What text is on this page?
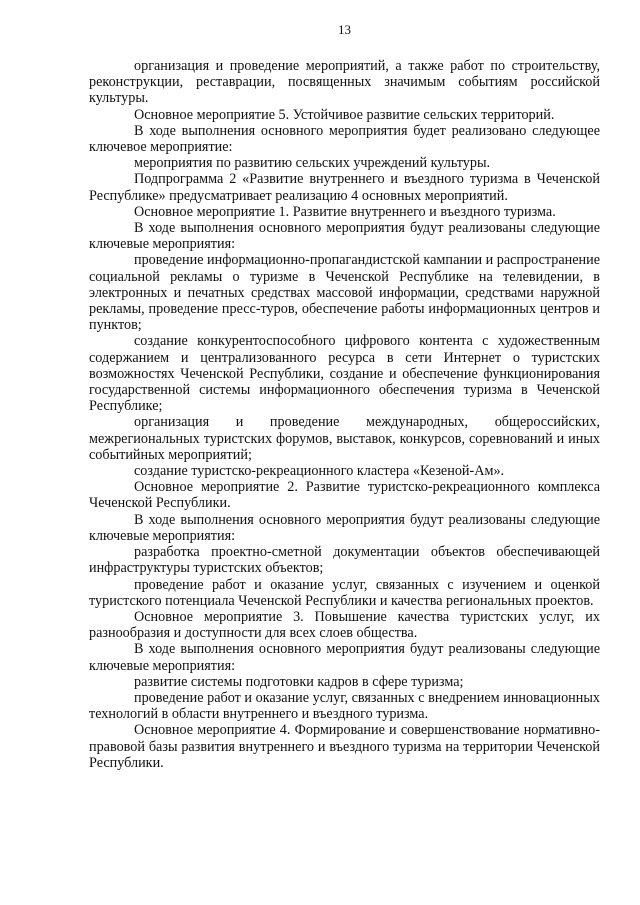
13

организация и проведение мероприятий, а также работ по строительству, реконструкции, реставрации, посвященных значимым событиям российской культуры.

Основное мероприятие 5. Устойчивое развитие сельских территорий.

В ходе выполнения основного мероприятия будет реализовано следующее ключевое мероприятие:

мероприятия по развитию сельских учреждений культуры.

Подпрограмма 2 «Развитие внутреннего и въездного туризма в Чеченской Республике» предусматривает реализацию 4 основных мероприятий.

Основное мероприятие 1. Развитие внутреннего и въездного туризма.

В ходе выполнения основного мероприятия будут реализованы следующие ключевые мероприятия:

проведение информационно-пропагандистской кампании и распространение социальной рекламы о туризме в Чеченской Республике на телевидении, в электронных и печатных средствах массовой информации, средствами наружной рекламы, проведение пресс-туров, обеспечение работы информационных центров и пунктов;

создание конкурентоспособного цифрового контента с художественным содержанием и централизованного ресурса в сети Интернет о туристских возможностях Чеченской Республики, создание и обеспечение функционирования государственной системы информационного обеспечения туризма в Чеченской Республике;

организация и проведение международных, общероссийских, межрегиональных туристских форумов, выставок, конкурсов, соревнований и иных событийных мероприятий;

создание туристско-рекреационного кластера «Кезеной-Ам».

Основное мероприятие 2. Развитие туристско-рекреационного комплекса Чеченской Республики.

В ходе выполнения основного мероприятия будут реализованы следующие ключевые мероприятия:

разработка проектно-сметной документации объектов обеспечивающей инфраструктуры туристских объектов;

проведение работ и оказание услуг, связанных с изучением и оценкой туристского потенциала Чеченской Республики и качества региональных проектов.

Основное мероприятие 3. Повышение качества туристских услуг, их разнообразия и доступности для всех слоев общества.

В ходе выполнения основного мероприятия будут реализованы следующие ключевые мероприятия:

развитие системы подготовки кадров в сфере туризма;

проведение работ и оказание услуг, связанных с внедрением инновационных технологий в области внутреннего и въездного туризма.

Основное мероприятие 4. Формирование и совершенствование нормативно-правовой базы развития внутреннего и въездного туризма на территории Чеченской Республики.
